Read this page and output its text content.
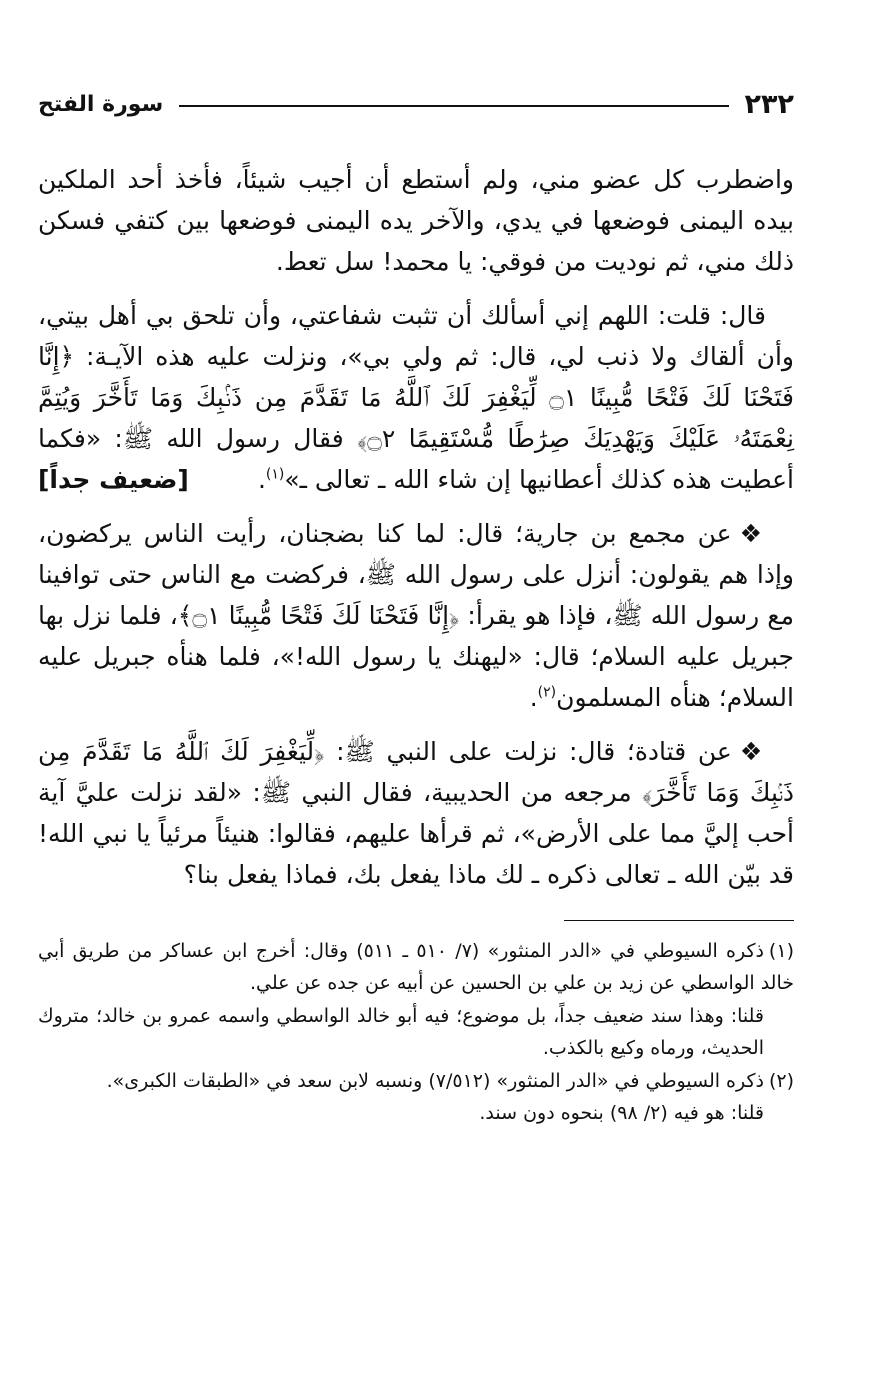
٢٣٢
سورة الفتح

واضطرب كل عضو مني، ولم أستطع أن أجيب شيئاً، فأخذ أحد الملكين بيده اليمنى فوضعها في يدي، والآخر يده اليمنى فوضعها بين كتفي فسكن ذلك مني، ثم نوديت من فوقي: يا محمد! سل تعط.

قال: قلت: اللهم إني أسألك أن تثبت شفاعتي، وأن تلحق بي أهل بيتي، وأن ألقاك ولا ذنب لي، قال: ثم ولي بي»، ونزلت عليه هذه الآيـة: ﴿إِنَّا فَتَحْنَا لَكَ فَتْحًا مُّبِينًا ۝١ لِّيَغْفِرَ لَكَ ٱللَّهُ مَا تَقَدَّمَ مِن ذَنۢبِكَ وَمَا تَأَخَّرَ وَيُتِمَّ نِعْمَتَهُۥ عَلَيْكَ وَيَهْدِيَكَ صِرَٰطًا مُّسْتَقِيمًا ۝٢﴾ فقال رسول الله ﷺ: «فكما أعطيت هذه كذلك أعطانيها إن شاء الله ـ تعالى ـ»$^{(١)}$.
[ضعيف جداً]

❖عن مجمع بن جارية؛ قال: لما كنا بضجنان، رأيت الناس يركضون، وإذا هم يقولون: أنزل على رسول الله ﷺ، فركضت مع الناس حتى توافينا مع رسول الله ﷺ، فإذا هو يقرأ: ﴿إِنَّا فَتَحْنَا لَكَ فَتْحًا مُّبِينًا ۝١﴾، فلما نزل بها جبريل عليه السلام؛ قال: «ليهنك يا رسول الله!»، فلما هنأه جبريل عليه السلام؛ هنأه المسلمون$^{(٢)}$.

❖عن قتادة؛ قال: نزلت على النبي ﷺ: ﴿لِّيَغْفِرَ لَكَ ٱللَّهُ مَا تَقَدَّمَ مِن ذَنۢبِكَ وَمَا تَأَخَّرَ﴾ مرجعه من الحديبية، فقال النبي ﷺ: «لقد نزلت عليَّ آية أحب إليَّ مما على الأرض»، ثم قرأها عليهم، فقالوا: هنيئاً مرئياً يا نبي الله! قد بيّن الله ـ تعالى ذكره ـ لك ماذا يفعل بك، فماذا يفعل بنا؟

(١)ذكره السيوطي في «الدر المنثور» (٧/ ٥١٠ ـ ٥١١) وقال: أخرج ابن عساكر من طريق أبي خالد الواسطي عن زيد بن علي بن الحسين عن أبيه عن جده عن علي.

قلنا: وهذا سند ضعيف جداً، بل موضوع؛ فيه أبو خالد الواسطي واسمه عمرو بن خالد؛ متروك الحديث، ورماه وكيع بالكذب.

(٢)ذكره السيوطي في «الدر المنثور» (٧/٥١٢) ونسبه لابن سعد في «الطبقات الكبرى».

قلنا: هو فيه (٢/ ٩٨) بنحوه دون سند.
